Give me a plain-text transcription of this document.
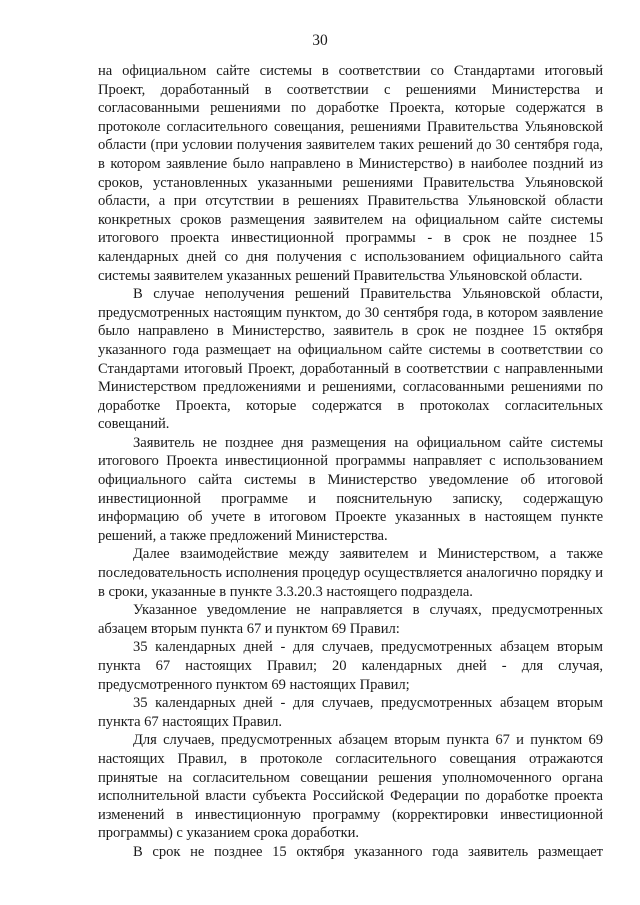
30

на официальном сайте системы в соответствии со Стандартами итоговый Проект, доработанный в соответствии с решениями Министерства и согласованными решениями по доработке Проекта, которые содержатся в протоколе согласительного совещания, решениями Правительства Ульяновской области (при условии получения заявителем таких решений до 30 сентября года, в котором заявление было направлено в Министерство) в наиболее поздний из сроков, установленных указанными решениями Правительства Ульяновской области, а при отсутствии в решениях Правительства Ульяновской области конкретных сроков размещения заявителем на официальном сайте системы итогового проекта инвестиционной программы - в срок не позднее 15 календарных дней со дня получения с использованием официального сайта системы заявителем указанных решений Правительства Ульяновской области.

В случае неполучения решений Правительства Ульяновской области, предусмотренных настоящим пунктом, до 30 сентября года, в котором заявление было направлено в Министерство, заявитель в срок не позднее 15 октября указанного года размещает на официальном сайте системы в соответствии со Стандартами итоговый Проект, доработанный в соответствии с направленными Министерством предложениями и решениями, согласованными решениями по доработке Проекта, которые содержатся в протоколах согласительных совещаний.

Заявитель не позднее дня размещения на официальном сайте системы итогового Проекта инвестиционной программы направляет с использованием официального сайта системы в Министерство уведомление об итоговой инвестиционной программе и пояснительную записку, содержащую информацию об учете в итоговом Проекте указанных в настоящем пункте решений, а также предложений Министерства.

Далее взаимодействие между заявителем и Министерством, а также последовательность исполнения процедур осуществляется аналогично порядку и в сроки, указанные в пункте 3.3.20.3 настоящего подраздела.

Указанное уведомление не направляется в случаях, предусмотренных абзацем вторым пункта 67 и пунктом 69 Правил:

35 календарных дней - для случаев, предусмотренных абзацем вторым пункта 67 настоящих Правил; 20 календарных дней - для случая, предусмотренного пунктом 69 настоящих Правил;

35 календарных дней - для случаев, предусмотренных абзацем вторым пункта 67 настоящих Правил.

Для случаев, предусмотренных абзацем вторым пункта 67 и пунктом 69 настоящих Правил, в протоколе согласительного совещания отражаются принятые на согласительном совещании решения уполномоченного органа исполнительной власти субъекта Российской Федерации по доработке проекта изменений в инвестиционную программу (корректировки инвестиционной программы) с указанием срока доработки.

В срок не позднее 15 октября указанного года заявитель размещает
